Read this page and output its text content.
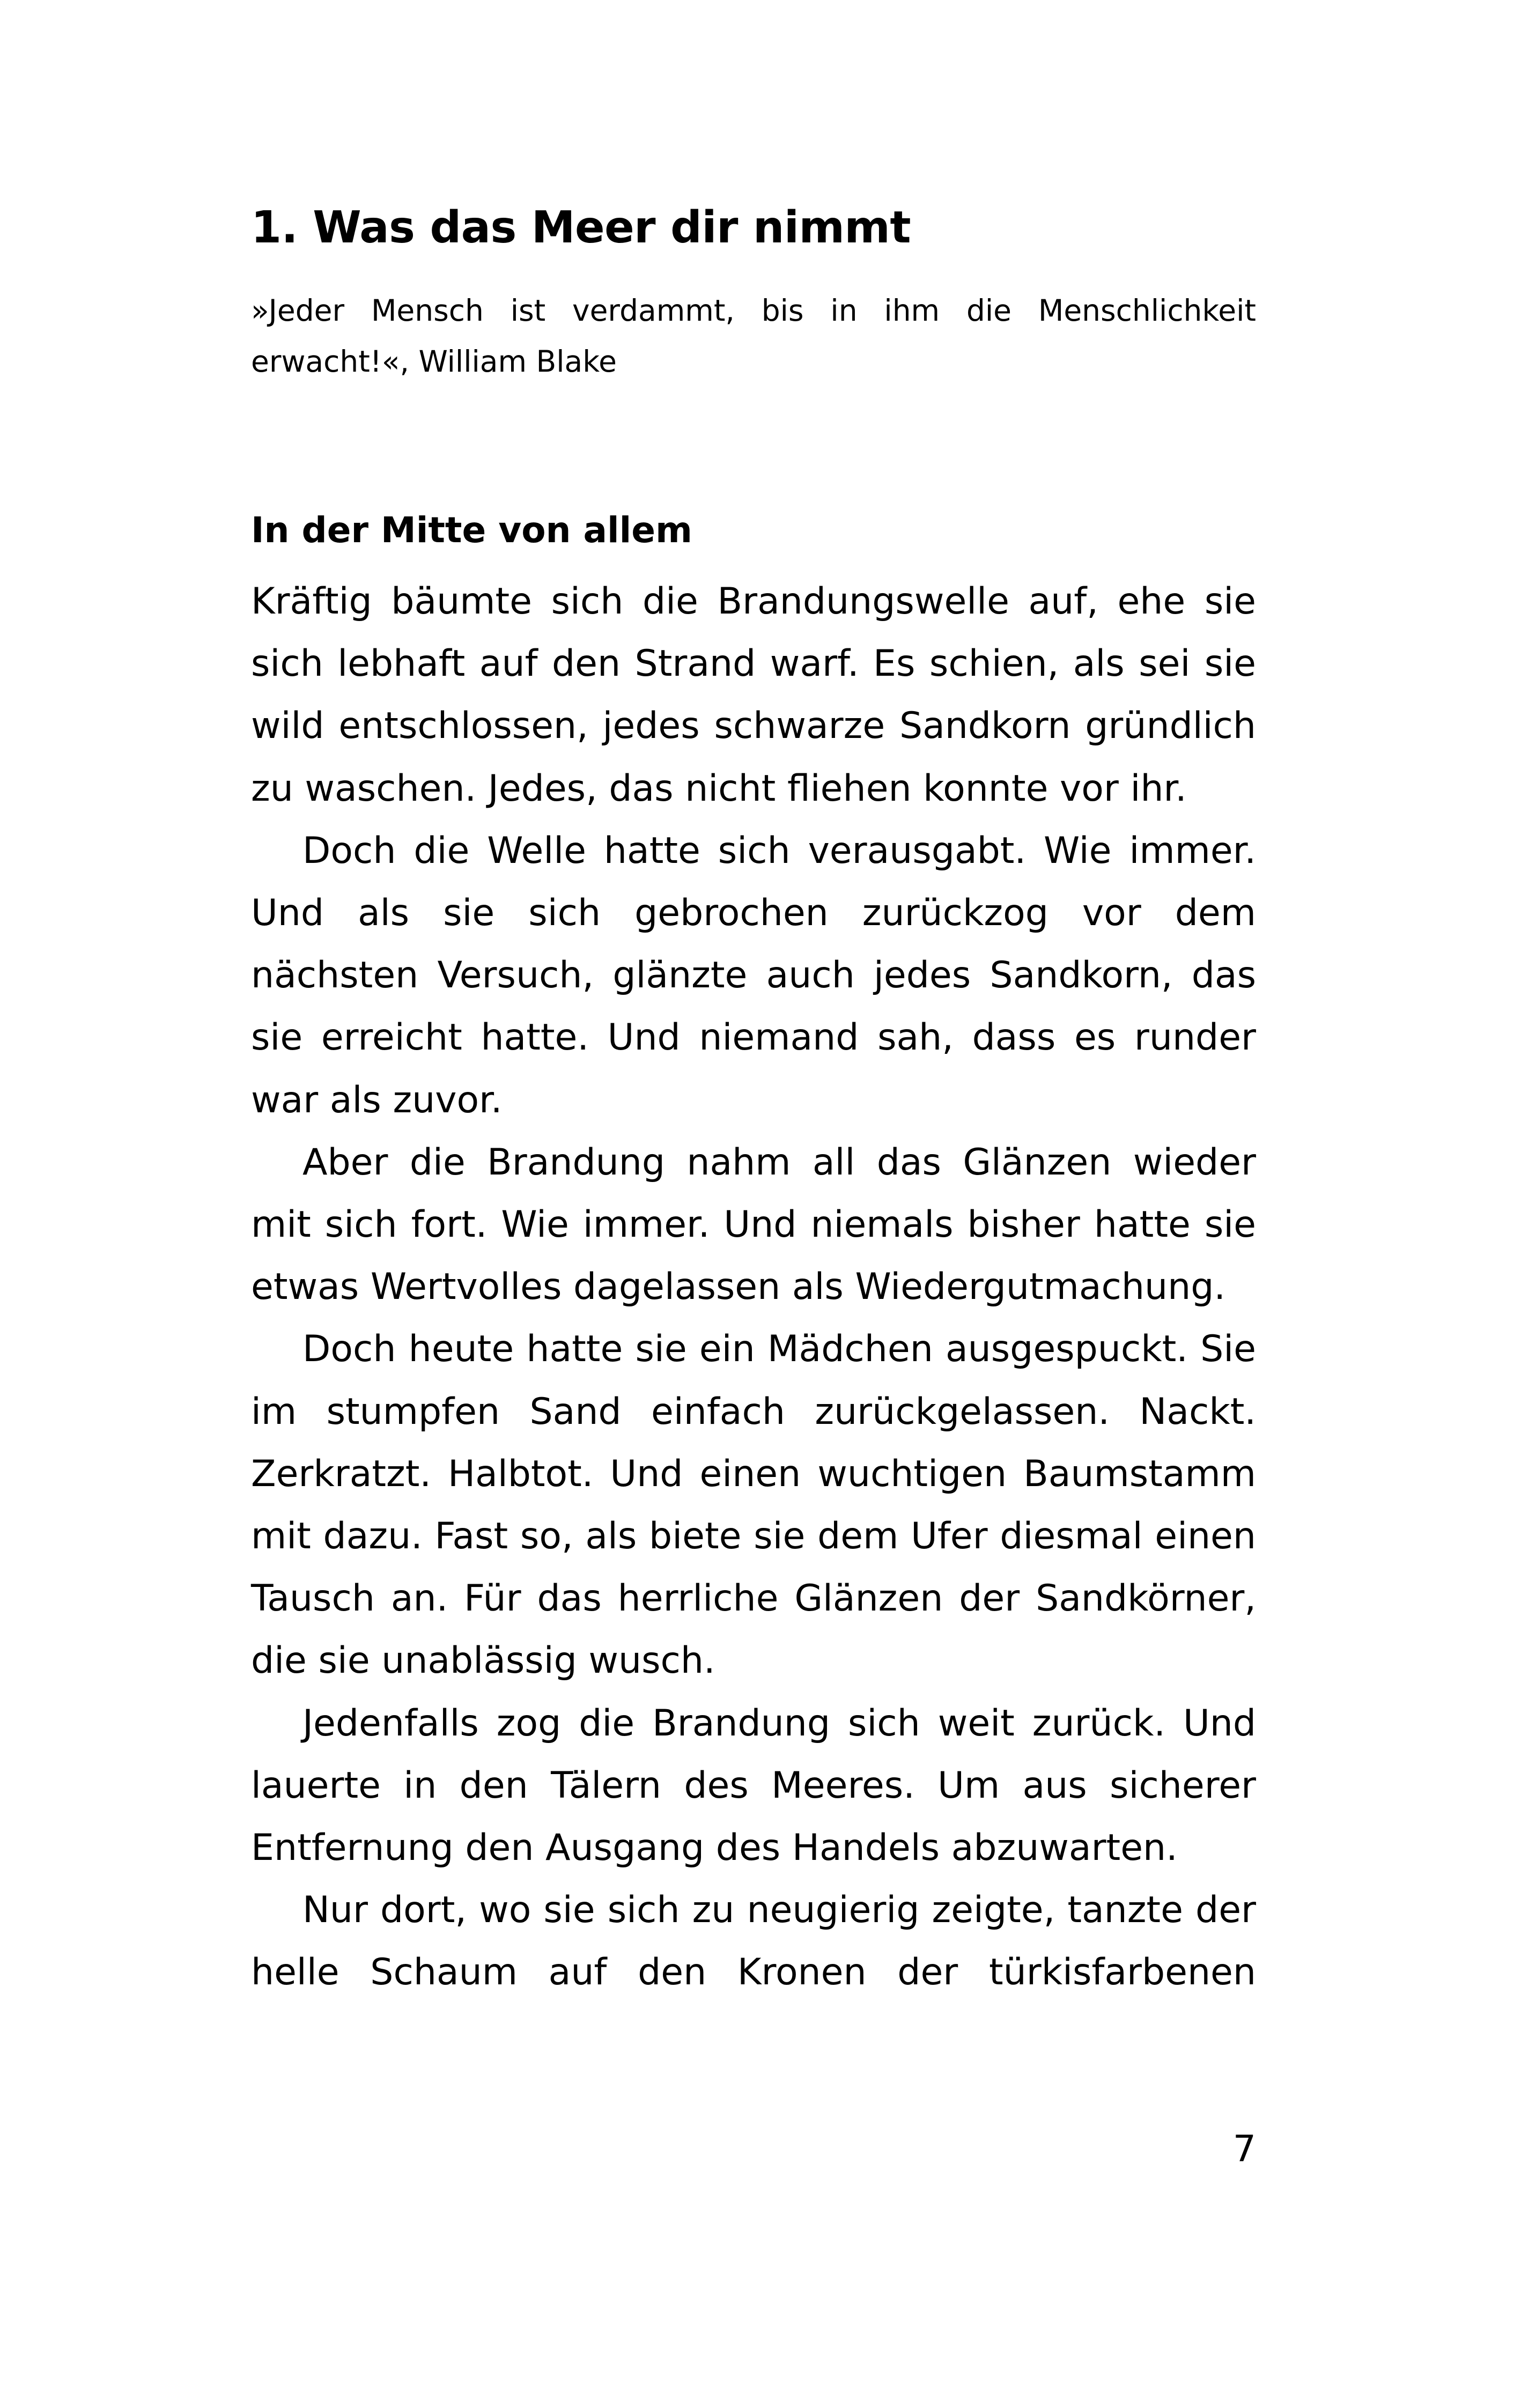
1. Was das Meer dir nimmt

»Jeder Mensch ist verdammt, bis in ihm die Menschlichkeit erwacht!«, William Blake

In der Mitte von allem

Kräftig bäumte sich die Brandungswelle auf, ehe sie sich lebhaft auf den Strand warf. Es schien, als sei sie wild entschlossen, jedes schwarze Sandkorn gründlich zu waschen. Jedes, das nicht fliehen konnte vor ihr.

Doch die Welle hatte sich verausgabt. Wie immer. Und als sie sich gebrochen zurückzog vor dem nächsten Versuch, glänzte auch jedes Sandkorn, das sie erreicht hatte. Und niemand sah, dass es runder war als zuvor.

Aber die Brandung nahm all das Glänzen wieder mit sich fort. Wie immer. Und niemals bisher hatte sie etwas Wertvolles dagelassen als Wiedergutmachung.

Doch heute hatte sie ein Mädchen ausgespuckt. Sie im stumpfen Sand einfach zurückgelassen. Nackt. Zerkratzt. Halbtot. Und einen wuchtigen Baumstamm mit dazu. Fast so, als biete sie dem Ufer diesmal einen Tausch an. Für das herrliche Glänzen der Sandkörner, die sie unablässig wusch.

Jedenfalls zog die Brandung sich weit zurück. Und lauerte in den Tälern des Meeres. Um aus sicherer Entfernung den Ausgang des Handels abzuwarten.

Nur dort, wo sie sich zu neugierig zeigte, tanzte der helle Schaum auf den Kronen der türkisfarbenen

7
